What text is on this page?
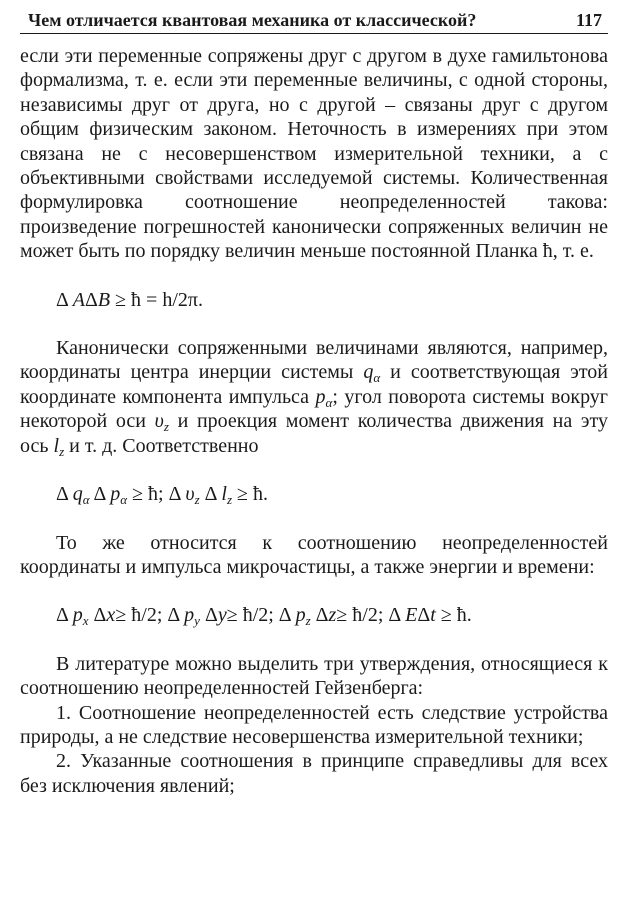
Чем отличается квантовая механика от классической?	117

если эти переменные сопряжены друг с другом в духе гамильтонова формализма, т. е. если эти переменные величины, с одной стороны, независимы друг от друга, но с другой – связаны друг с другом общим физическим законом. Неточность в измерениях при этом связана не с несовершенством измерительной техники, а с объективными свойствами исследуемой системы. Количественная формулировка соотношение неопределенностей такова: произведение погрешностей канонически сопряженных величин не может быть по порядку величин меньше постоянной Планка ħ, т. е.

Δ AΔB ≥ ħ = h/2π.

Канонически сопряженными величинами являются, например, координаты центра инерции системы $q_\alpha$ и соответствующая этой координате компонента импульса $p_\alpha$; угол поворота системы вокруг некоторой оси $\upsilon_z$ и проекция момент количества движения на эту ось $l_z$ и т. д. Соответственно

Δ $q_\alpha$ Δ $p_\alpha$ ≥ ħ; Δ $\upsilon_z$ Δ $l_z$ ≥ ħ.

То же относится к соотношению неопределенностей координаты и импульса микрочастицы, а также энергии и времени:

Δ $p_x$ Δx≥ ħ/2; Δ $p_y$ Δy≥ ħ/2; Δ $p_z$ Δz≥ ħ/2; Δ EΔt ≥ ħ.

В литературе можно выделить три утверждения, относящиеся к соотношению неопределенностей Гейзенберга:

1. Соотношение неопределенностей есть следствие устройства природы, а не следствие несовершенства измерительной техники;

2. Указанные соотношения в принципе справедливы для всех без исключения явлений;
